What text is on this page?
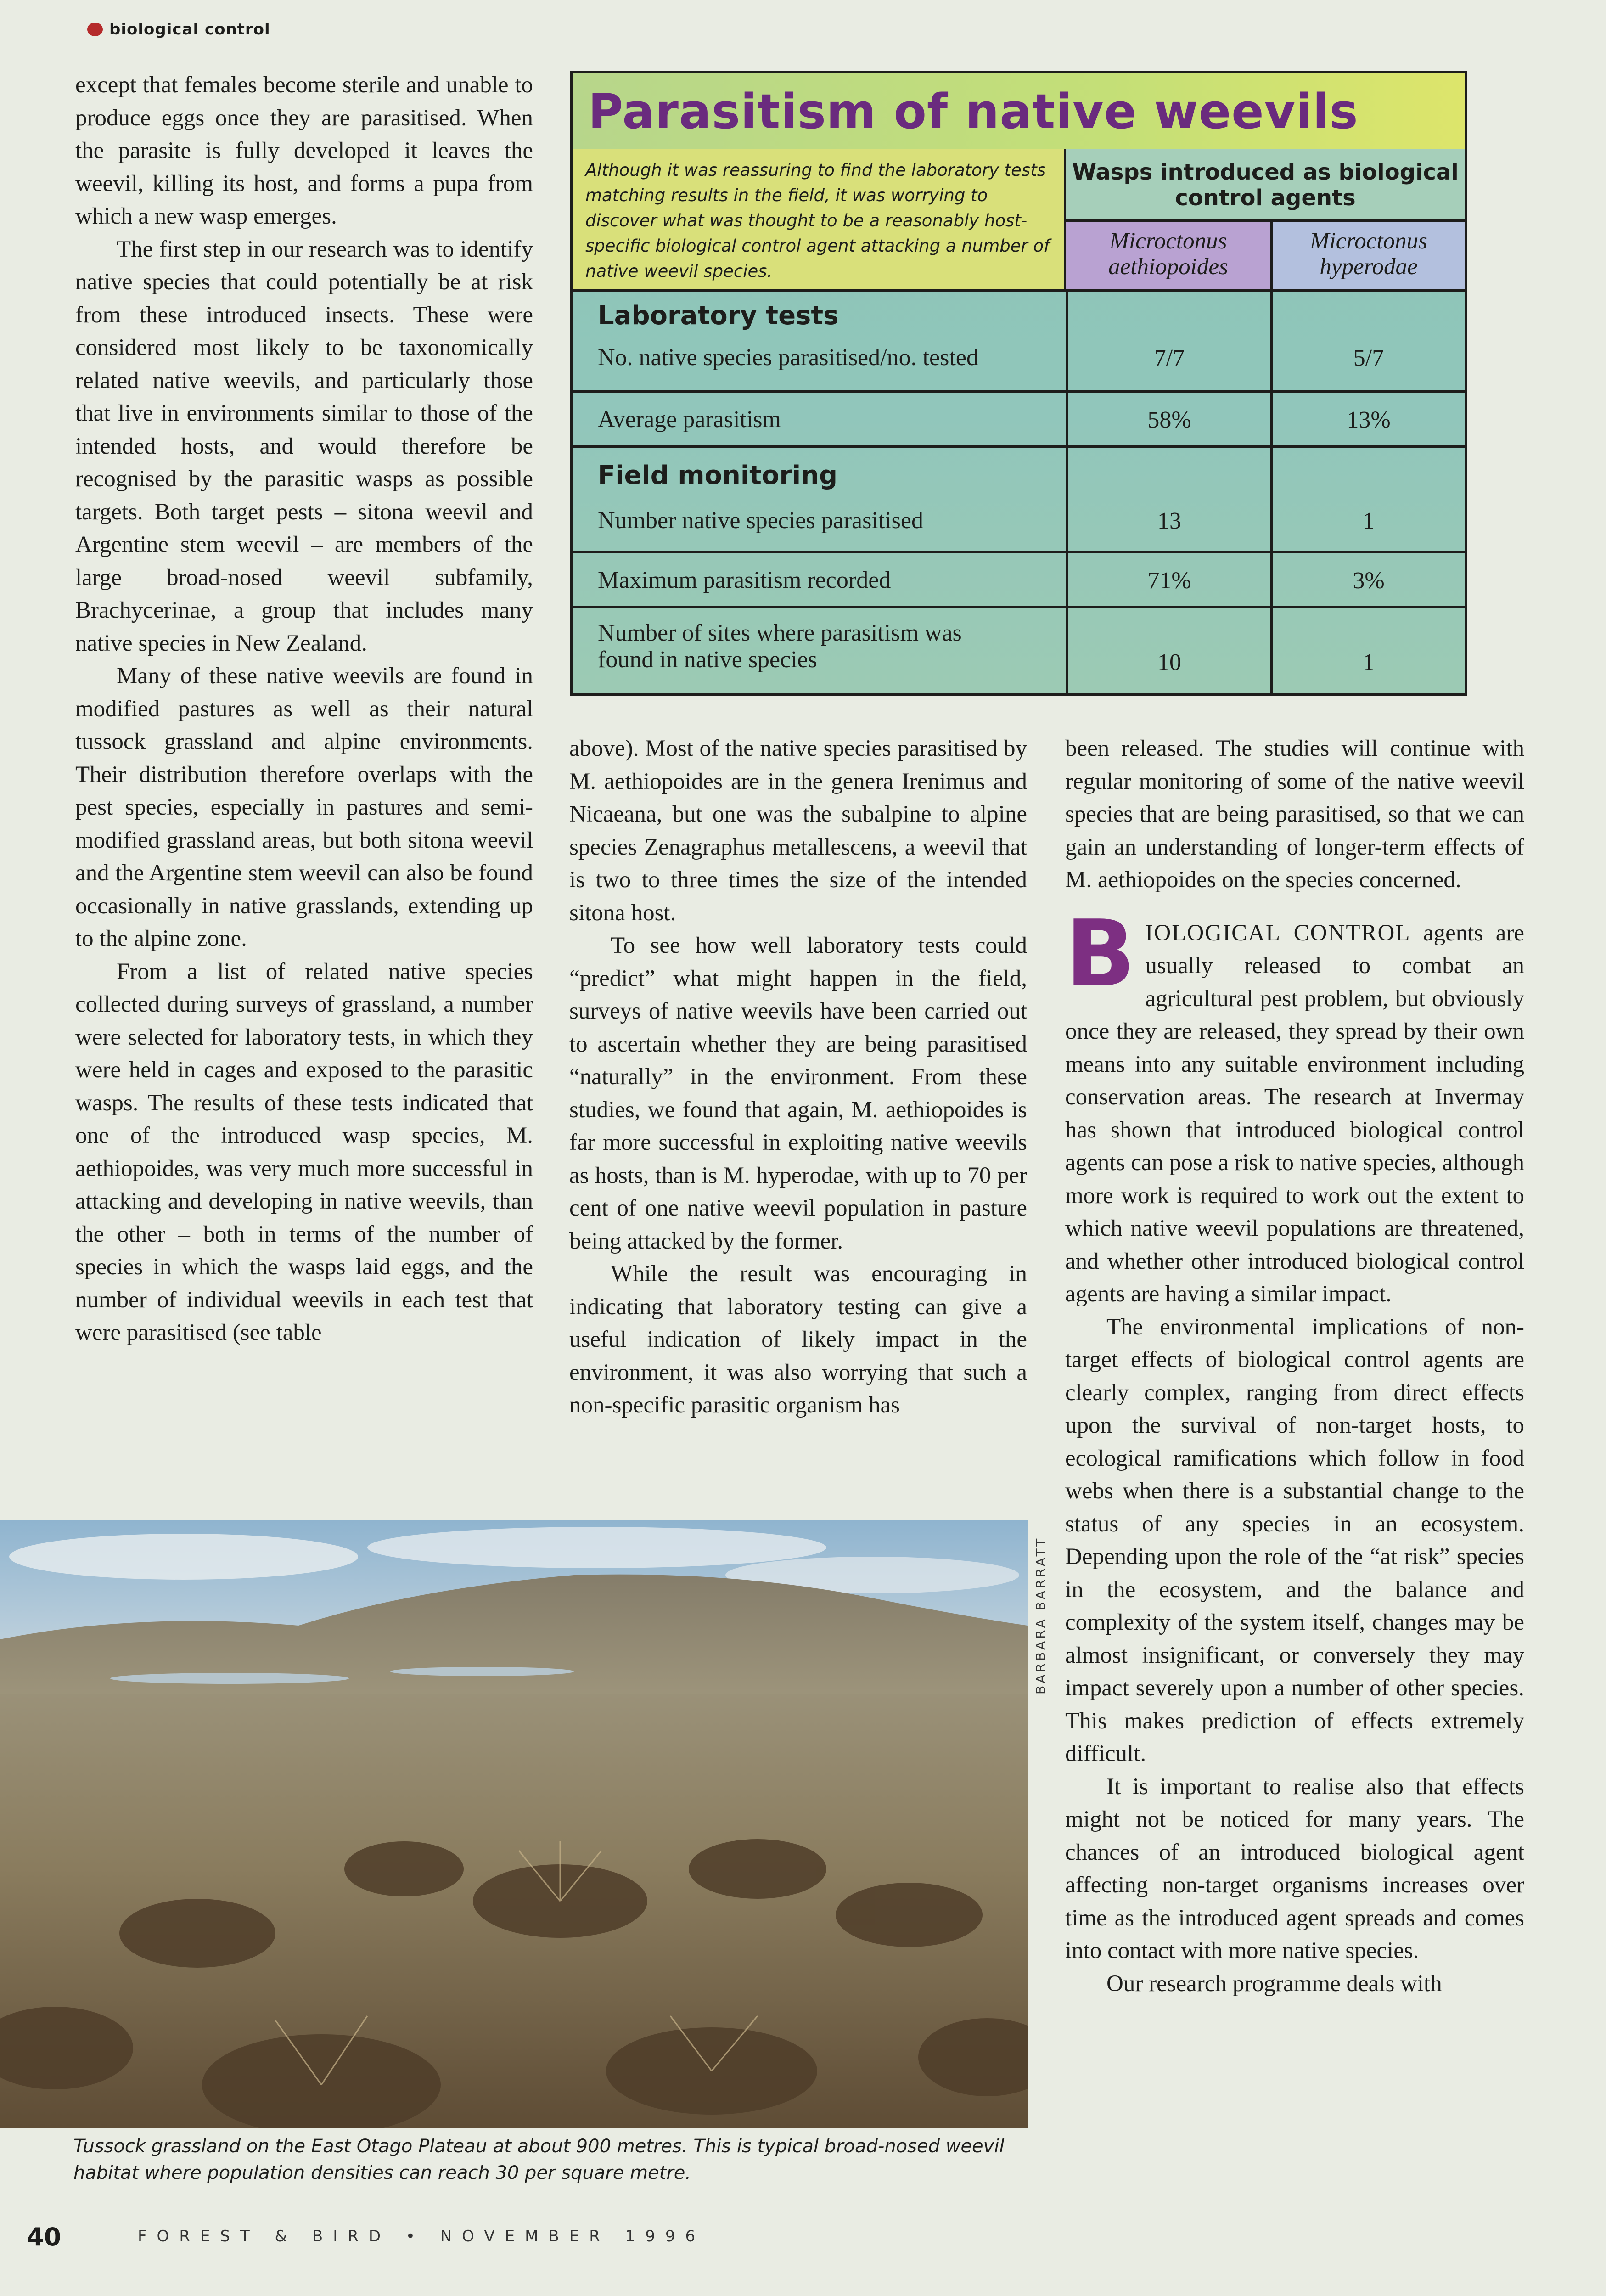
biological control

except that females become sterile and unable to produce eggs once they are parasitised. When the parasite is fully developed it leaves the weevil, killing its host, and forms a pupa from which a new wasp emerges.

The first step in our research was to identify native species that could potentially be at risk from these introduced insects. These were considered most likely to be taxonomically related native weevils, and particularly those that live in environments similar to those of the intended hosts, and would therefore be recognised by the parasitic wasps as possible targets. Both target pests – sitona weevil and Argentine stem weevil – are members of the large broad-nosed weevil subfamily, Brachycerinae, a group that includes many native species in New Zealand.

Many of these native weevils are found in modified pastures as well as their natural tussock grassland and alpine environments. Their distribution therefore overlaps with the pest species, especially in pastures and semi-modified grassland areas, but both sitona weevil and the Argentine stem weevil can also be found occasionally in native grasslands, extending up to the alpine zone.

From a list of related native species collected during surveys of grassland, a number were selected for laboratory tests, in which they were held in cages and exposed to the parasitic wasps. The results of these tests indicated that one of the introduced wasp species, M. aethiopoides, was very much more successful in attacking and developing in native weevils, than the other – both in terms of the number of species in which the wasps laid eggs, and the number of individual weevils in each test that were parasitised (see table

Parasitism of native weevils
Although it was reassuring to find the laboratory tests matching results in the field, it was worrying to discover what was thought to be a reasonably host-specific biological control agent attacking a number of native weevil species.
Wasps introduced as biological control agents
Microctonus aethiopoides
Microctonus hyperodae
Laboratory tests
No. native species parasitised/no. tested	7/7	5/7
Average parasitism	58%	13%
Field monitoring
Number native species parasitised	13	1
Maximum parasitism recorded	71%	3%
Number of sites where parasitism was found in native species	10	1

above). Most of the native species parasitised by M. aethiopoides are in the genera Irenimus and Nicaeana, but one was the subalpine to alpine species Zenagraphus metallescens, a weevil that is two to three times the size of the intended sitona host.

To see how well laboratory tests could “predict” what might happen in the field, surveys of native weevils have been carried out to ascertain whether they are being parasitised “naturally” in the environment. From these studies, we found that again, M. aethiopoides is far more successful in exploiting native weevils as hosts, than is M. hyperodae, with up to 70 per cent of one native weevil population in pasture being attacked by the former.

While the result was encouraging in indicating that laboratory testing can give a useful indication of likely impact in the environment, it was also worrying that such a non-specific parasitic organism has

been released. The studies will continue with regular monitoring of some of the native weevil species that are being parasitised, so that we can gain an understanding of longer-term effects of M. aethiopoides on the species concerned.

BIOLOGICAL CONTROL agents are usually released to combat an agricultural pest problem, but obviously once they are released, they spread by their own means into any suitable environment including conservation areas. The research at Invermay has shown that introduced biological control agents can pose a risk to native species, although more work is required to work out the extent to which native weevil populations are threatened, and whether other introduced biological control agents are having a similar impact.

The environmental implications of non-target effects of biological control agents are clearly complex, ranging from direct effects upon the survival of non-target hosts, to ecological ramifications which follow in food webs when there is a substantial change to the status of any species in an ecosystem. Depending upon the role of the “at risk” species in the ecosystem, and the balance and complexity of the system itself, changes may be almost insignificant, or conversely they may impact severely upon a number of other species. This makes prediction of effects extremely difficult.

It is important to realise also that effects might not be noticed for many years. The chances of an introduced biological agent affecting non-target organisms increases over time as the introduced agent spreads and comes into contact with more native species.

Our research programme deals with

BARBARA BARRATT
Tussock grassland on the East Otago Plateau at about 900 metres. This is typical broad-nosed weevil habitat where population densities can reach 30 per square metre.
40	FOREST & BIRD • NOVEMBER 1996
